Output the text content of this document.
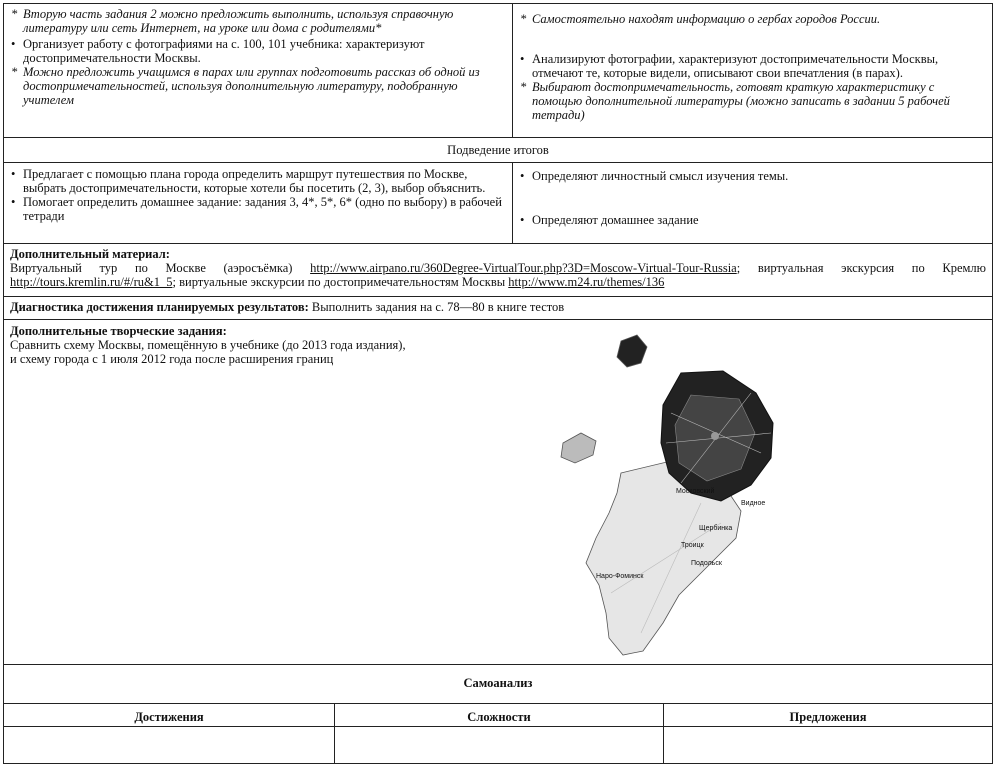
* Вторую часть задания 2 можно предложить выполнить, используя справочную литературу или сеть Интернет, на уроке или дома с родителями*
• Организует работу с фотографиями на с. 100, 101 учебника: характеризуют достопримечательности Москвы.
* Можно предложить учащимся в парах или группах подготовить рассказ об одной из достопримечательностей, используя дополнительную литературу, подобранную учителем
* Самостоятельно находят информацию о гербах городов России.
• Анализируют фотографии, характеризуют достопримечательности Москвы, отмечают те, которые видели, описывают свои впечатления (в парах).
* Выбирают достопримечательность, готовят краткую характеристику с помощью дополнительной литературы (можно записать в задании 5 рабочей тетради)
Подведение итогов
• Предлагает с помощью плана города определить маршрут путешествия по Москве, выбрать достопримечательности, которые хотели бы посетить (2, 3), выбор объяснить.
• Помогает определить домашнее задание: задания 3, 4*, 5*, 6* (одно по выбору) в рабочей тетради
• Определяют личностный смысл изучения темы.
• Определяют домашнее задание
Дополнительный материал:
Виртуальный тур по Москве (аэросъёмка) http://www.airpano.ru/360Degree-VirtualTour.php?3D=Moscow-Virtual-Tour-Russia; виртуальная экскурсия по Кремлю http://tours.kremlin.ru/#/ru&1_5; виртуальные экскурсии по достопримечательностям Москвы http://www.m24.ru/themes/136
Диагностика достижения планируемых результатов: Выполнить задания на с. 78—80 в книге тестов
Дополнительные творческие задания:
Сравнить схему Москвы, помещённую в учебнике (до 2013 года издания),
и схему города с 1 июля 2012 года после расширения границ
Видное
Московский
Щербинка
Троицк
Подольск
Наро-Фоминск
Самоанализ
Достижения	Сложности	Предложения
